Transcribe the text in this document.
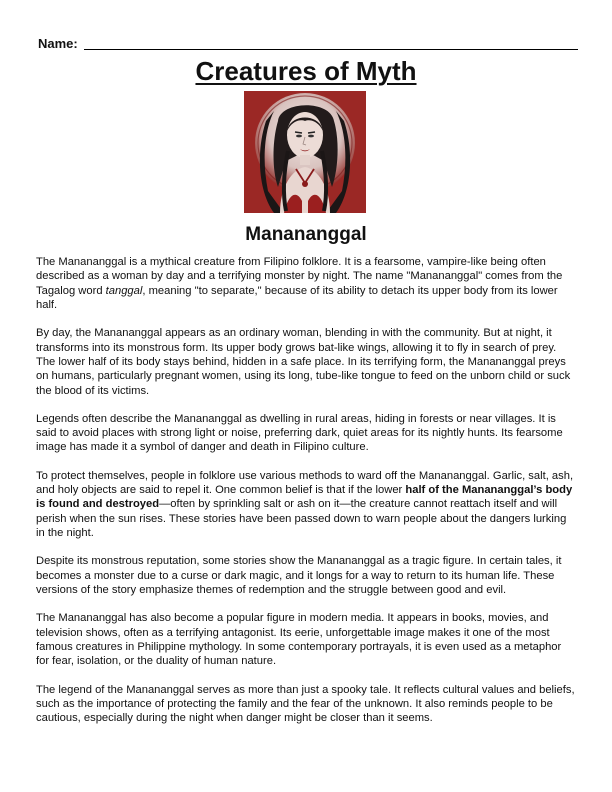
Name:
Creatures of Myth
Manananggal

The Manananggal is a mythical creature from Filipino folklore. It is a fearsome, vampire-like being often described as a woman by day and a terrifying monster by night. The name "Manananggal" comes from the Tagalog word tanggal, meaning "to separate," because of its ability to detach its upper body from its lower half.

By day, the Manananggal appears as an ordinary woman, blending in with the community. But at night, it transforms into its monstrous form. Its upper body grows bat-like wings, allowing it to fly in search of prey. The lower half of its body stays behind, hidden in a safe place. In its terrifying form, the Manananggal preys on humans, particularly pregnant women, using its long, tube-like tongue to feed on the unborn child or suck the blood of its victims.

Legends often describe the Manananggal as dwelling in rural areas, hiding in forests or near villages. It is said to avoid places with strong light or noise, preferring dark, quiet areas for its nightly hunts. Its fearsome image has made it a symbol of danger and death in Filipino culture.

To protect themselves, people in folklore use various methods to ward off the Manananggal. Garlic, salt, ash, and holy objects are said to repel it. One common belief is that if the lower half of the Manananggal’s body is found and destroyed—often by sprinkling salt or ash on it—the creature cannot reattach itself and will perish when the sun rises. These stories have been passed down to warn people about the dangers lurking in the night.

Despite its monstrous reputation, some stories show the Manananggal as a tragic figure. In certain tales, it becomes a monster due to a curse or dark magic, and it longs for a way to return to its human life. These versions of the story emphasize themes of redemption and the struggle between good and evil.

The Manananggal has also become a popular figure in modern media. It appears in books, movies, and television shows, often as a terrifying antagonist. Its eerie, unforgettable image makes it one of the most famous creatures in Philippine mythology. In some contemporary portrayals, it is even used as a metaphor for fear, isolation, or the duality of human nature.

The legend of the Manananggal serves as more than just a spooky tale. It reflects cultural values and beliefs, such as the importance of protecting the family and the fear of the unknown. It also reminds people to be cautious, especially during the night when danger might be closer than it seems.
